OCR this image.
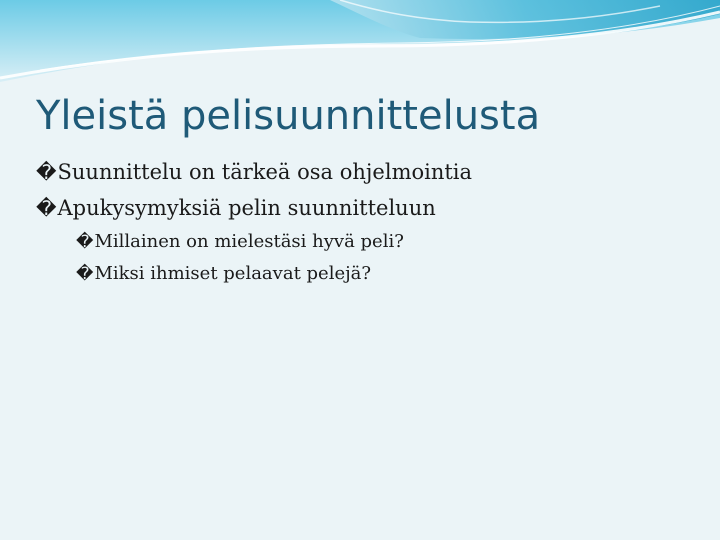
Yleistä pelisuunnittelusta
� Suunnittelu on tärkeä osa ohjelmointia
� Apukysymyksiä pelin suunnitteluun
� Millainen on mielestäsi hyvä peli?
� Miksi ihmiset pelaavat pelejä?
